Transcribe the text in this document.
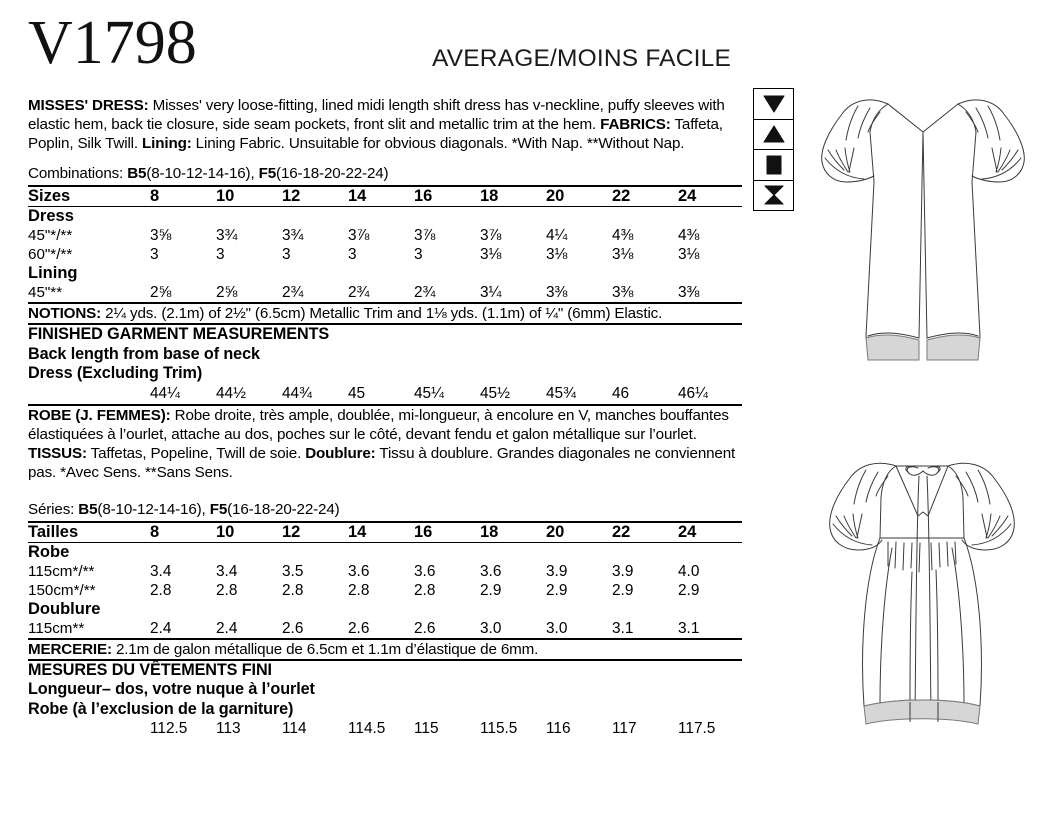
V1798	AVERAGE/MOINS FACILE

MISSES' DRESS: Misses' very loose-fitting, lined midi length shift dress has v-neckline, puffy sleeves with elastic hem, back tie closure, side seam pockets, front slit and metallic trim at the hem. FABRICS: Taffeta, Poplin, Silk Twill. Lining: Lining Fabric. Unsuitable for obvious diagonals. *With Nap. **Without Nap.

Combinations: B5(8-10-12-14-16), F5(16-18-20-22-24)
Sizes	8	10	12	14	16	18	20	22	24
Dress									
45"*/**	3⅝	3¾	3¾	3⅞	3⅞	3⅞	4¼	4⅜	4⅜
60"*/**	3	3	3	3	3	3⅛	3⅛	3⅛	3⅛
Lining									
45"**	2⅝	2⅝	2¾	2¾	2¾	3¼	3⅜	3⅜	3⅜

NOTIONS: 2¼ yds. (2.1m) of 2½" (6.5cm) Metallic Trim and 1⅛ yds. (1.1m) of ¼" (6mm) Elastic.

FINISHED GARMENT MEASUREMENTS
Back length from base of neck
Dress (Excluding Trim)
	44¼	44½	44¾	45	45¼	45½	45¾	46	46¼

ROBE (J. FEMMES): Robe droite, très ample, doublée, mi-longueur, à encolure en V, manches bouffantes élastiquées à l’ourlet, attache au dos, poches sur le côté, devant fendu et galon métallique sur l’ourlet. TISSUS: Taffetas, Popeline, Twill de soie. Doublure: Tissu à doublure. Grandes diagonales ne conviennent pas. *Avec Sens. **Sans Sens.

Séries: B5(8-10-12-14-16), F5(16-18-20-22-24)
Tailles	8	10	12	14	16	18	20	22	24
Robe									
115cm*/**	3.4	3.4	3.5	3.6	3.6	3.6	3.9	3.9	4.0
150cm*/**	2.8	2.8	2.8	2.8	2.8	2.9	2.9	2.9	2.9
Doublure									
115cm**	2.4	2.4	2.6	2.6	2.6	3.0	3.0	3.1	3.1

MERCERIE: 2.1m de galon métallique de 6.5cm et 1.1m d’élastique de 6mm.

MESURES DU VÊTEMENTS FINI
Longueur– dos, votre nuque à l’ourlet
Robe (à l’exclusion de la garniture)
	112.5	113	114	114.5	115	115.5	116	117	117.5
